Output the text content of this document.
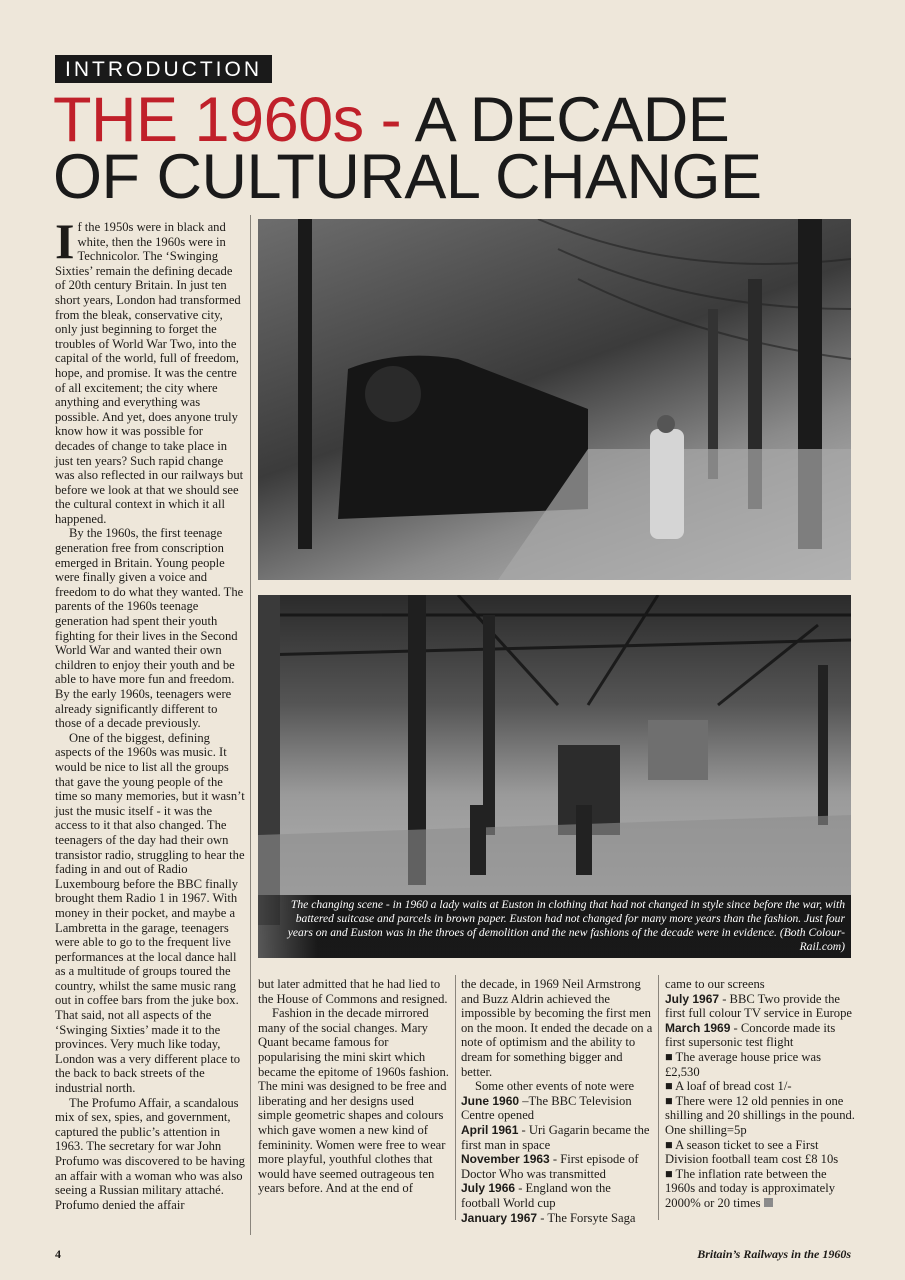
INTRODUCTION
THE 1960s - A DECADE
OF CULTURAL CHANGE

If the 1950s were in black and white, then the 1960s were in Technicolor. The ‘Swinging Sixties’ remain the defining decade of 20th century Britain. In just ten short years, London had transformed from the bleak, conservative city, only just beginning to forget the troubles of World War Two, into the capital of the world, full of freedom, hope, and promise. It was the centre of all excitement; the city where anything and everything was possible. And yet, does anyone truly know how it was possible for decades of change to take place in just ten years? Such rapid change was also reflected in our railways but before we look at that we should see the cultural context in which it all happened.

By the 1960s, the first teenage generation free from conscription emerged in Britain. Young people were finally given a voice and freedom to do what they wanted. The parents of the 1960s teenage generation had spent their youth fighting for their lives in the Second World War and wanted their own children to enjoy their youth and be able to have more fun and freedom. By the early 1960s, teenagers were already significantly different to those of a decade previously.

One of the biggest, defining aspects of the 1960s was music. It would be nice to list all the groups that gave the young people of the time so many memories, but it wasn’t just the music itself - it was the access to it that also changed. The teenagers of the day had their own transistor radio, struggling to hear the fading in and out of Radio Luxembourg before the BBC finally brought them Radio 1 in 1967. With money in their pocket, and maybe a Lambretta in the garage, teenagers were able to go to the frequent live performances at the local dance hall as a multitude of groups toured the country, whilst the same music rang out in coffee bars from the juke box. That said, not all aspects of the ‘Swinging Sixties’ made it to the provinces. Very much like today, London was a very different place to the back to back streets of the industrial north.

The Profumo Affair, a scandalous mix of sex, spies, and government, captured the public’s attention in 1963. The secretary for war John Profumo was discovered to be having an affair with a woman who was also seeing a Russian military attaché. Profumo denied the affair

The changing scene - in 1960 a lady waits at Euston in clothing that had not changed in style since before the war, with battered suitcase and parcels in brown paper. Euston had not changed for many more years than the fashion. Just four years on and Euston was in the throes of demolition and the new fashions of the decade were in evidence. (Both Colour-Rail.com)

but later admitted that he had lied to the House of Commons and resigned.

Fashion in the decade mirrored many of the social changes. Mary Quant became famous for popularising the mini skirt which became the epitome of 1960s fashion. The mini was designed to be free and liberating and her designs used simple geometric shapes and colours which gave women a new kind of femininity. Women were free to wear more playful, youthful clothes that would have seemed outrageous ten years before. And at the end of

the decade, in 1969 Neil Armstrong and Buzz Aldrin achieved the impossible by becoming the first men on the moon. It ended the decade on a note of optimism and the ability to dream for something bigger and better.

Some other events of note were

June 1960 –The BBC Television Centre opened
April 1961 - Uri Gagarin became the first man in space
November 1963 - First episode of Doctor Who was transmitted
July 1966 - England won the football World cup
January 1967 - The Forsyte Saga

came to our screens

July 1967 - BBC Two provide the first full colour TV service in Europe
March 1969 - Concorde made its first supersonic test flight
■ The average house price was £2,530
■ A loaf of bread cost 1/-
■ There were 12 old pennies in one shilling and 20 shillings in the pound. One shilling=5p
■ A season ticket to see a First Division football team cost £8 10s
■ The inflation rate between the 1960s and today is approximately 2000% or 20 times
4	Britain’s Railways in the 1960s
